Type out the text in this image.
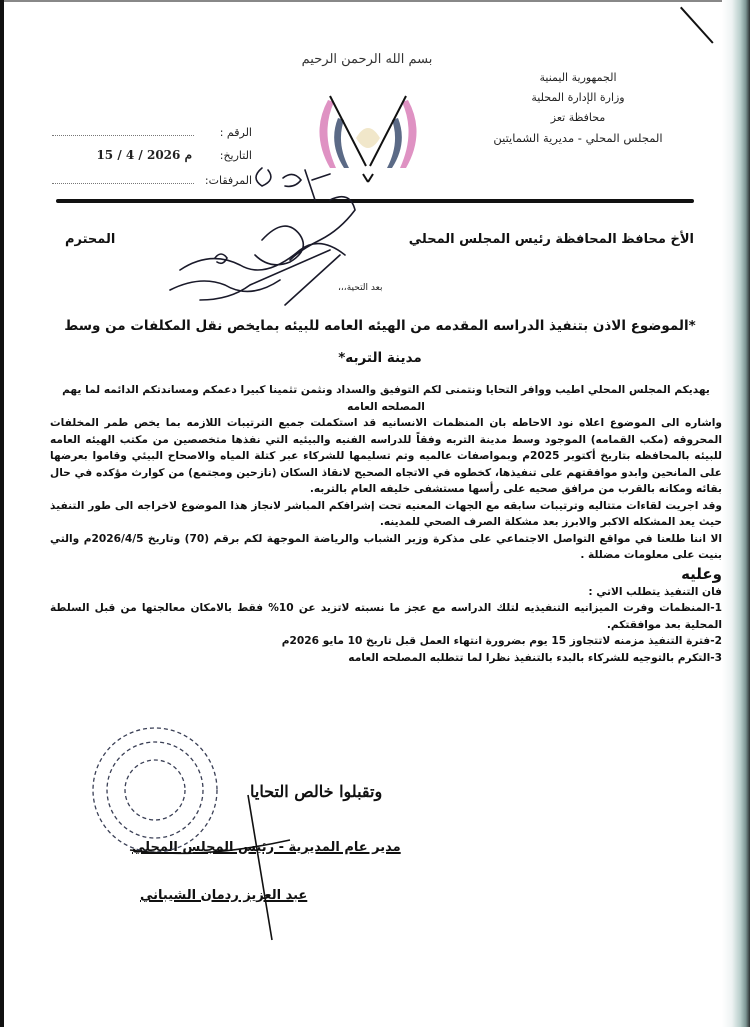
الجمهورية اليمنية
وزارة الإدارة المحلية
محافظة تعز
المجلس المحلي - مديرية الشمايتين
بسم الله الرحمن الرحيم
الرقم :
التاريخ:
15 / 4 / 2026 م
المرفقات:
الأخ محافظ المحافظة رئيس المجلس المحلي
المحترم
بعد التحية،،،
*الموضوع الاذن بتنفيذ الدراسه المقدمه من الهيئه العامه للبيئه بمايخص نقل المكلفات من وسط مدينة التربه*

يهديكم المجلس المحلي اطيب ووافر التحايا ونتمنى لكم التوفيق والسداد ونثمن تثمينا كبيرا دعمكم ومساندتكم الدائمه لما يهم المصلحه العامه

واشاره الى الموضوع اعلاه نود الاحاطه بان المنظمات الانسانيه قد استكملت جميع الترتيبات اللازمه بما يخص طمر المخلفات المحروقه (مكب القمامه) الموجود وسط مدينة التربه وفقاً للدراسه الفنيه والبيئيه التي نفذها متخصصين من مكتب الهيئه العامه للبيئه بالمحافظه بتاريخ أكتوبر 2025م وبمواصفات عالميه وتم تسليمها للشركاء عبر كتلة المياه والاصحاح البيئي وقاموا بعرضها على المانحين وابدو موافقتهم على تنفيذها، كخطوه في الاتجاه الصحيح لانقاذ السكان (نازحين ومجتمع) من كوارث مؤكده في حال بقائه ومكانه بالقرب من مرافق صحيه على رأسها مستشفى خليفه العام بالتربه.

وقد اجريت لقاءات متتاليه وترتيبات سابقه مع الجهات المعنيه تحت إشرافكم المباشر لانجاز هذا الموضوع لاخراجه الى طور التنفيذ حيث يعد المشكله الاكبر والابرز بعد مشكلة الصرف الصحي للمدينه.

الا اننا طلعنا في مواقع التواصل الاجتماعي على مذكرة وزير الشباب والرياضة الموجهة لكم برقم (70) وتاريخ 2026/4/5م والتي بنيت على معلومات مضللة .

وعليه

فان التنفيذ يتطلب الاتي :

1-المنظمات وفرت الميزانيه التنفيذيه لتلك الدراسه مع عجز ما نسبته لاتزيد عن 10% فقط بالامكان معالجتها من قبل السلطة المحلية بعد موافقتكم.
2-فترة التنفيذ مزمنه لاتتجاوز 15 يوم بضرورة انتهاء العمل قبل تاريخ 10 مايو 2026م
3-التكرم بالتوجيه للشركاء بالبدء بالتنفيذ نظرا لما تتطلبه المصلحه العامه
وتقبلوا خالص التحايا
مدير عام المديرية - رئيس المجلس المحلي
عبد العزيز ردمان الشيباني
